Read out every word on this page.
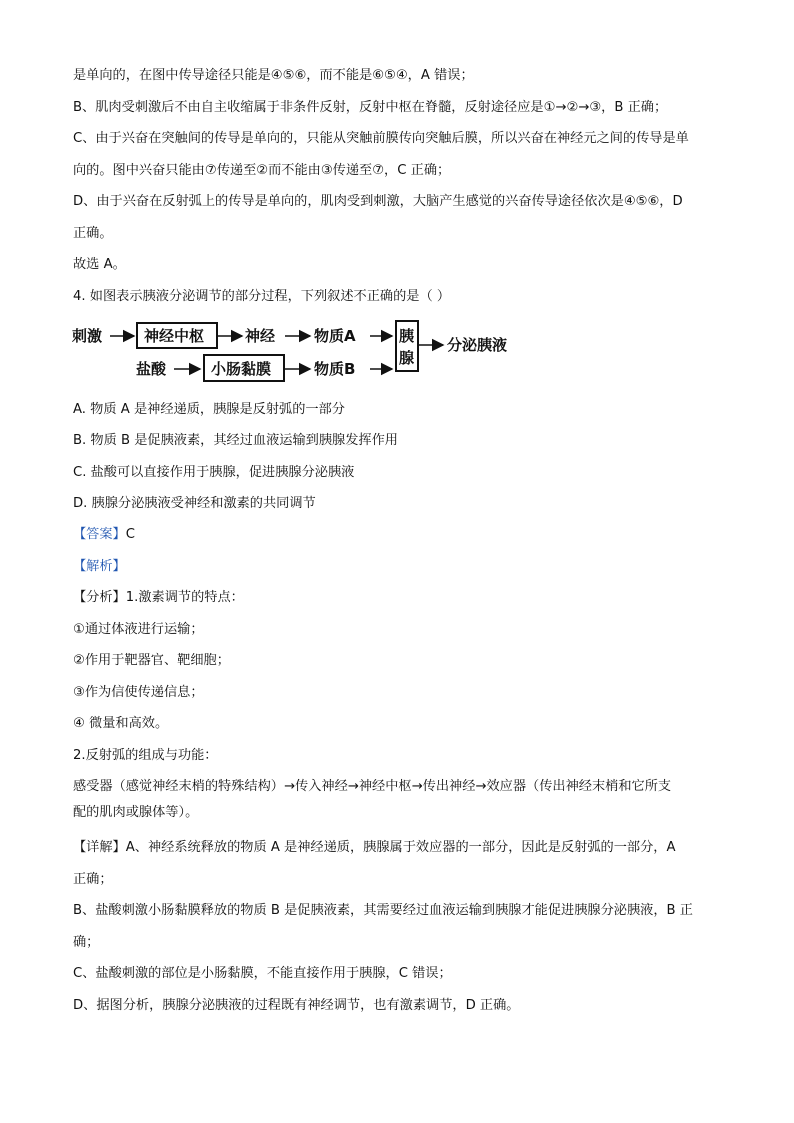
是单向的，在图中传导途径只能是④⑤⑥，而不能是⑥⑤④，A 错误；
B、肌肉受刺激后不由自主收缩属于非条件反射，反射中枢在脊髓，反射途径应是①→②→③，B 正确；
C、由于兴奋在突触间的传导是单向的，只能从突触前膜传向突触后膜，所以兴奋在神经元之间的传导是单
向的。图中兴奋只能由⑦传递至②而不能由③传递至⑦，C 正确；
D、由于兴奋在反射弧上的传导是单向的，肌肉受到刺激，大脑产生感觉的兴奋传导途径依次是④⑤⑥，D
正确。
故选 A。
4. 如图表示胰液分泌调节的部分过程，下列叙述不正确的是（ ）
刺激	神经中枢	神经	物质A
盐酸	小肠黏膜	物质B
胰
腺
分泌胰液
A. 物质 A 是神经递质，胰腺是反射弧的一部分
B. 物质 B 是促胰液素，其经过血液运输到胰腺发挥作用
C. 盐酸可以直接作用于胰腺，促进胰腺分泌胰液
D. 胰腺分泌胰液受神经和激素的共同调节
【答案】C
【解析】
【分析】1.激素调节的特点：
①通过体液进行运输；
②作用于靶器官、靶细胞；
③作为信使传递信息；
④ 微量和高效。
2.反射弧的组成与功能：
感受器（感觉神经末梢的特殊结构）→传入神经→神经中枢→传出神经→效应器（传出神经末梢和它所支
配的肌肉或腺体等）。
【详解】A、神经系统释放的物质 A 是神经递质，胰腺属于效应器的一部分，因此是反射弧的一部分，A
正确；
B、盐酸刺激小肠黏膜释放的物质 B 是促胰液素，其需要经过血液运输到胰腺才能促进胰腺分泌胰液，B 正
确；
C、盐酸刺激的部位是小肠黏膜，不能直接作用于胰腺，C 错误；
D、据图分析，胰腺分泌胰液的过程既有神经调节，也有激素调节，D 正确。
